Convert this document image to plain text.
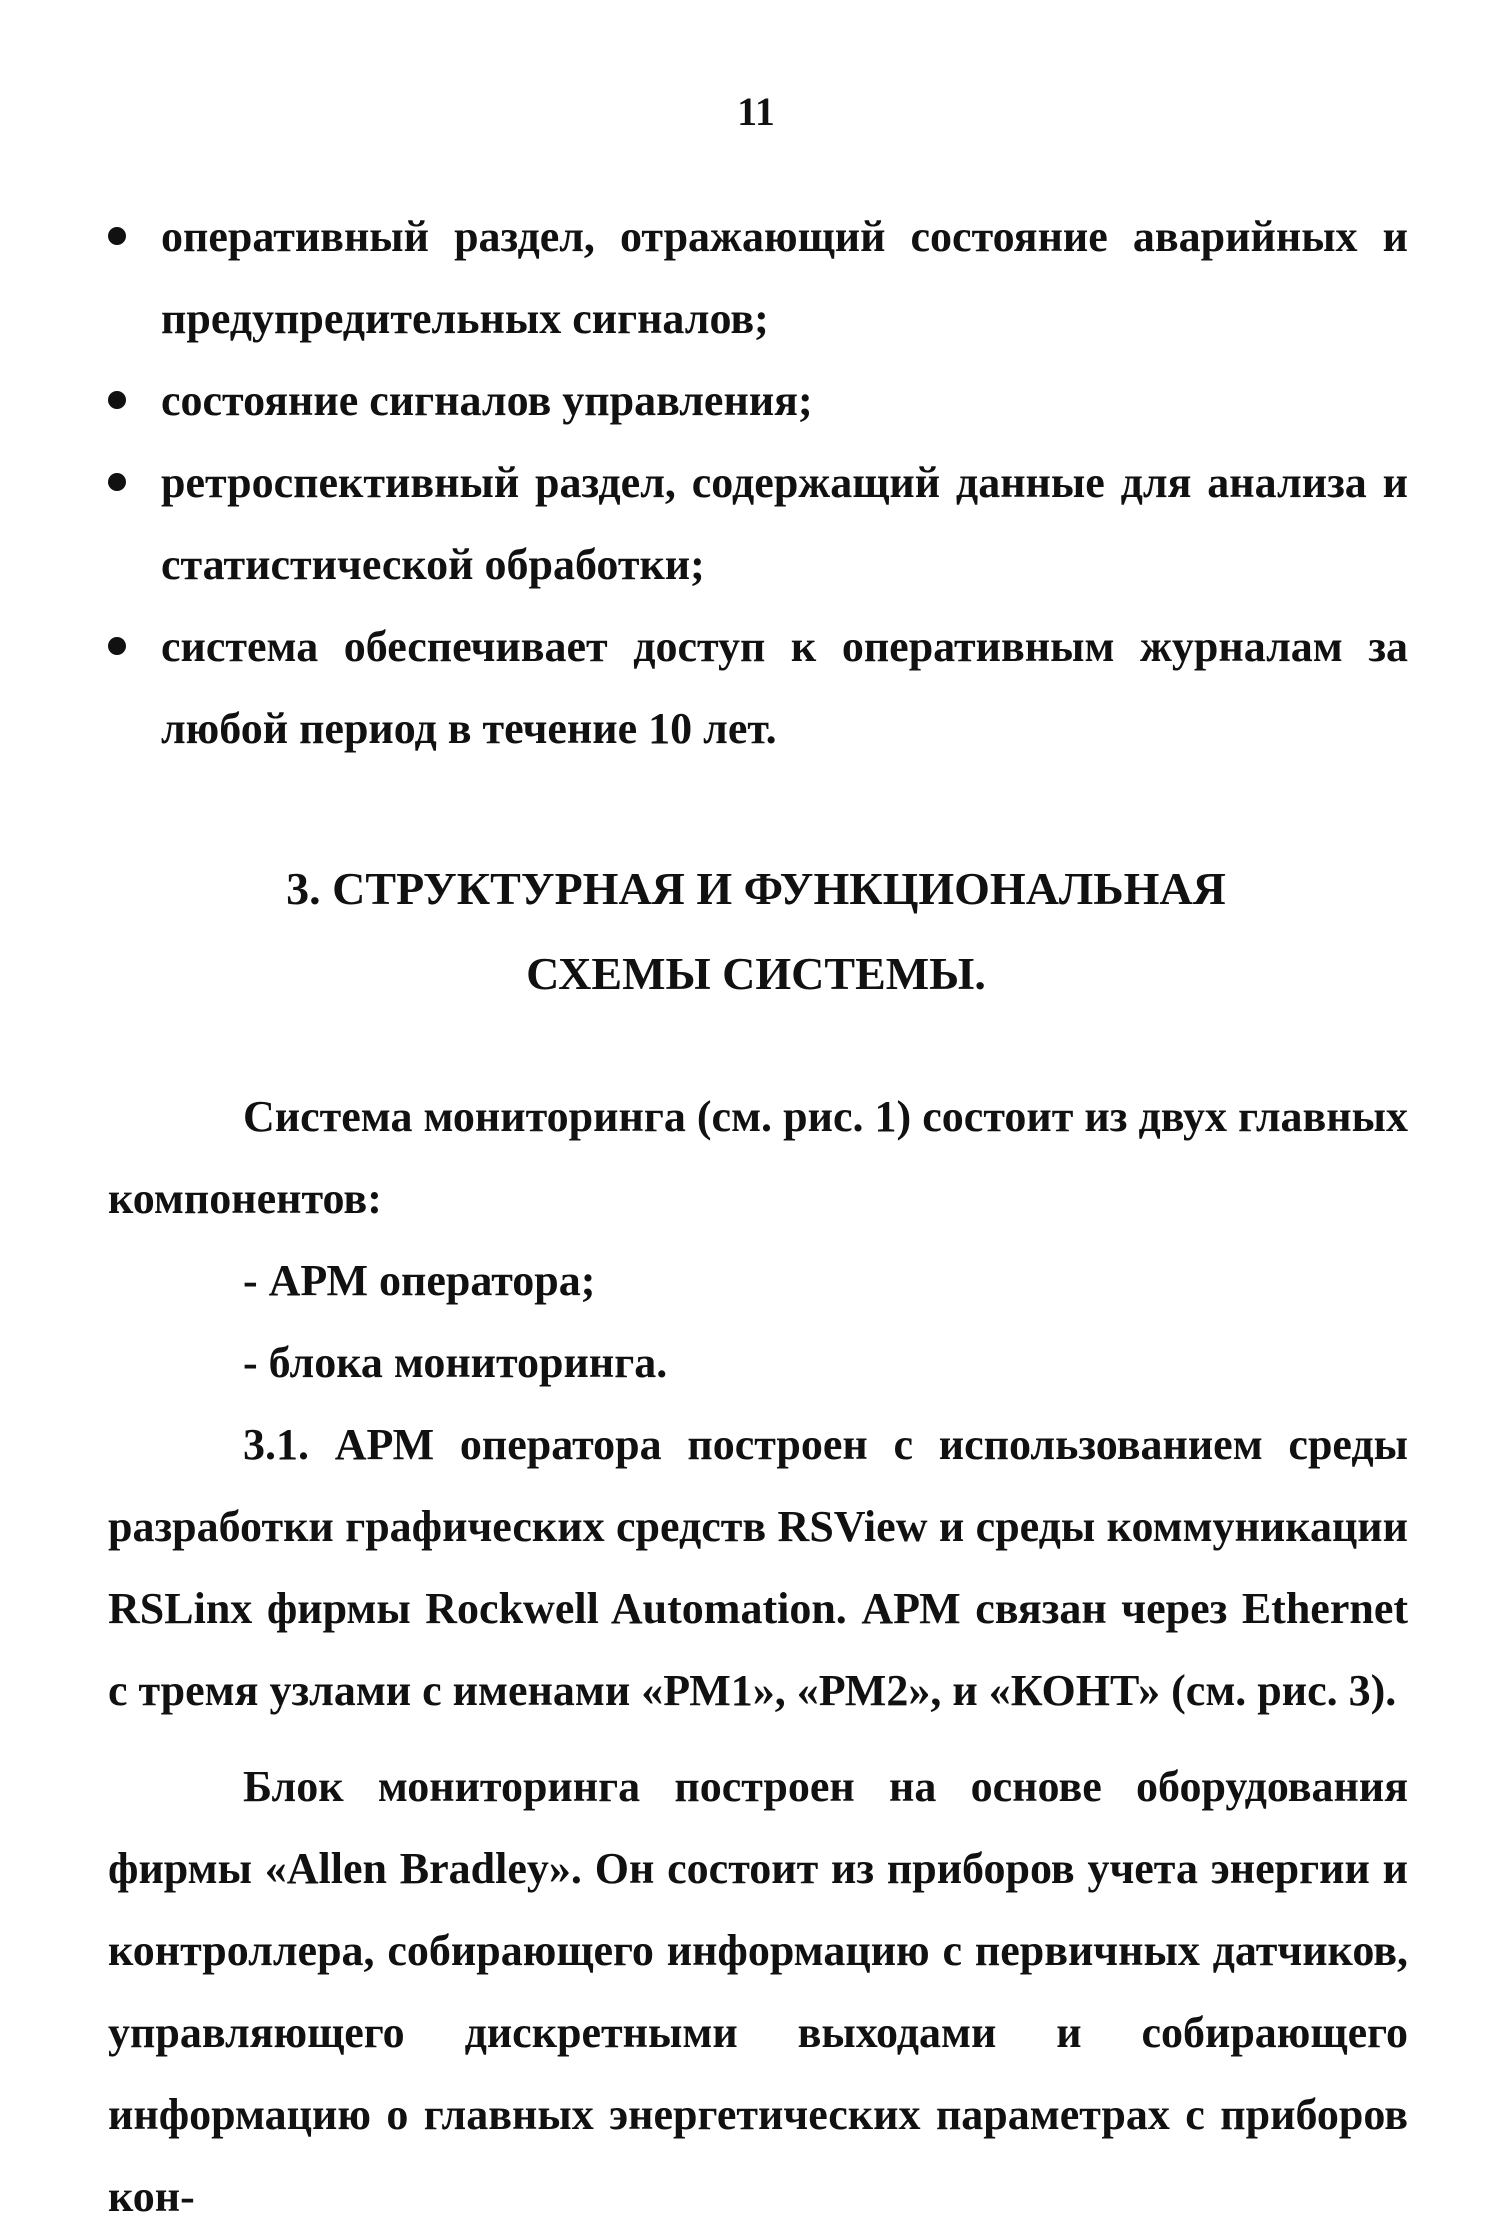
11
оперативный раздел, отражающий состояние аварийных и предупредительных сигналов;
состояние сигналов управления;
ретроспективный раздел, содержащий данные для анализа и статистической обработки;
система обеспечивает доступ к оперативным журналам за любой период в течение 10 лет.
3. СТРУКТУРНАЯ И ФУНКЦИОНАЛЬНАЯ
СХЕМЫ СИСТЕМЫ.

Система мониторинга (см. рис. 1) состоит из двух главных компонентов:

- АРМ оператора;

- блока мониторинга.

3.1. АРМ оператора построен с использованием среды разработки графических средств RSView и среды коммуникации RSLinx фирмы Rockwell Automation. АРМ связан через Ethernet с тремя узлами с именами «РМ1», «РМ2», и «КОНТ» (см. рис. 3).

Блок мониторинга построен на основе оборудования фирмы «Allen Bradley». Он состоит из приборов учета энергии и контроллера, собирающего информацию с первичных датчиков, управляющего дискретными выходами и собирающего информацию о главных энергетических параметрах с приборов кон-
